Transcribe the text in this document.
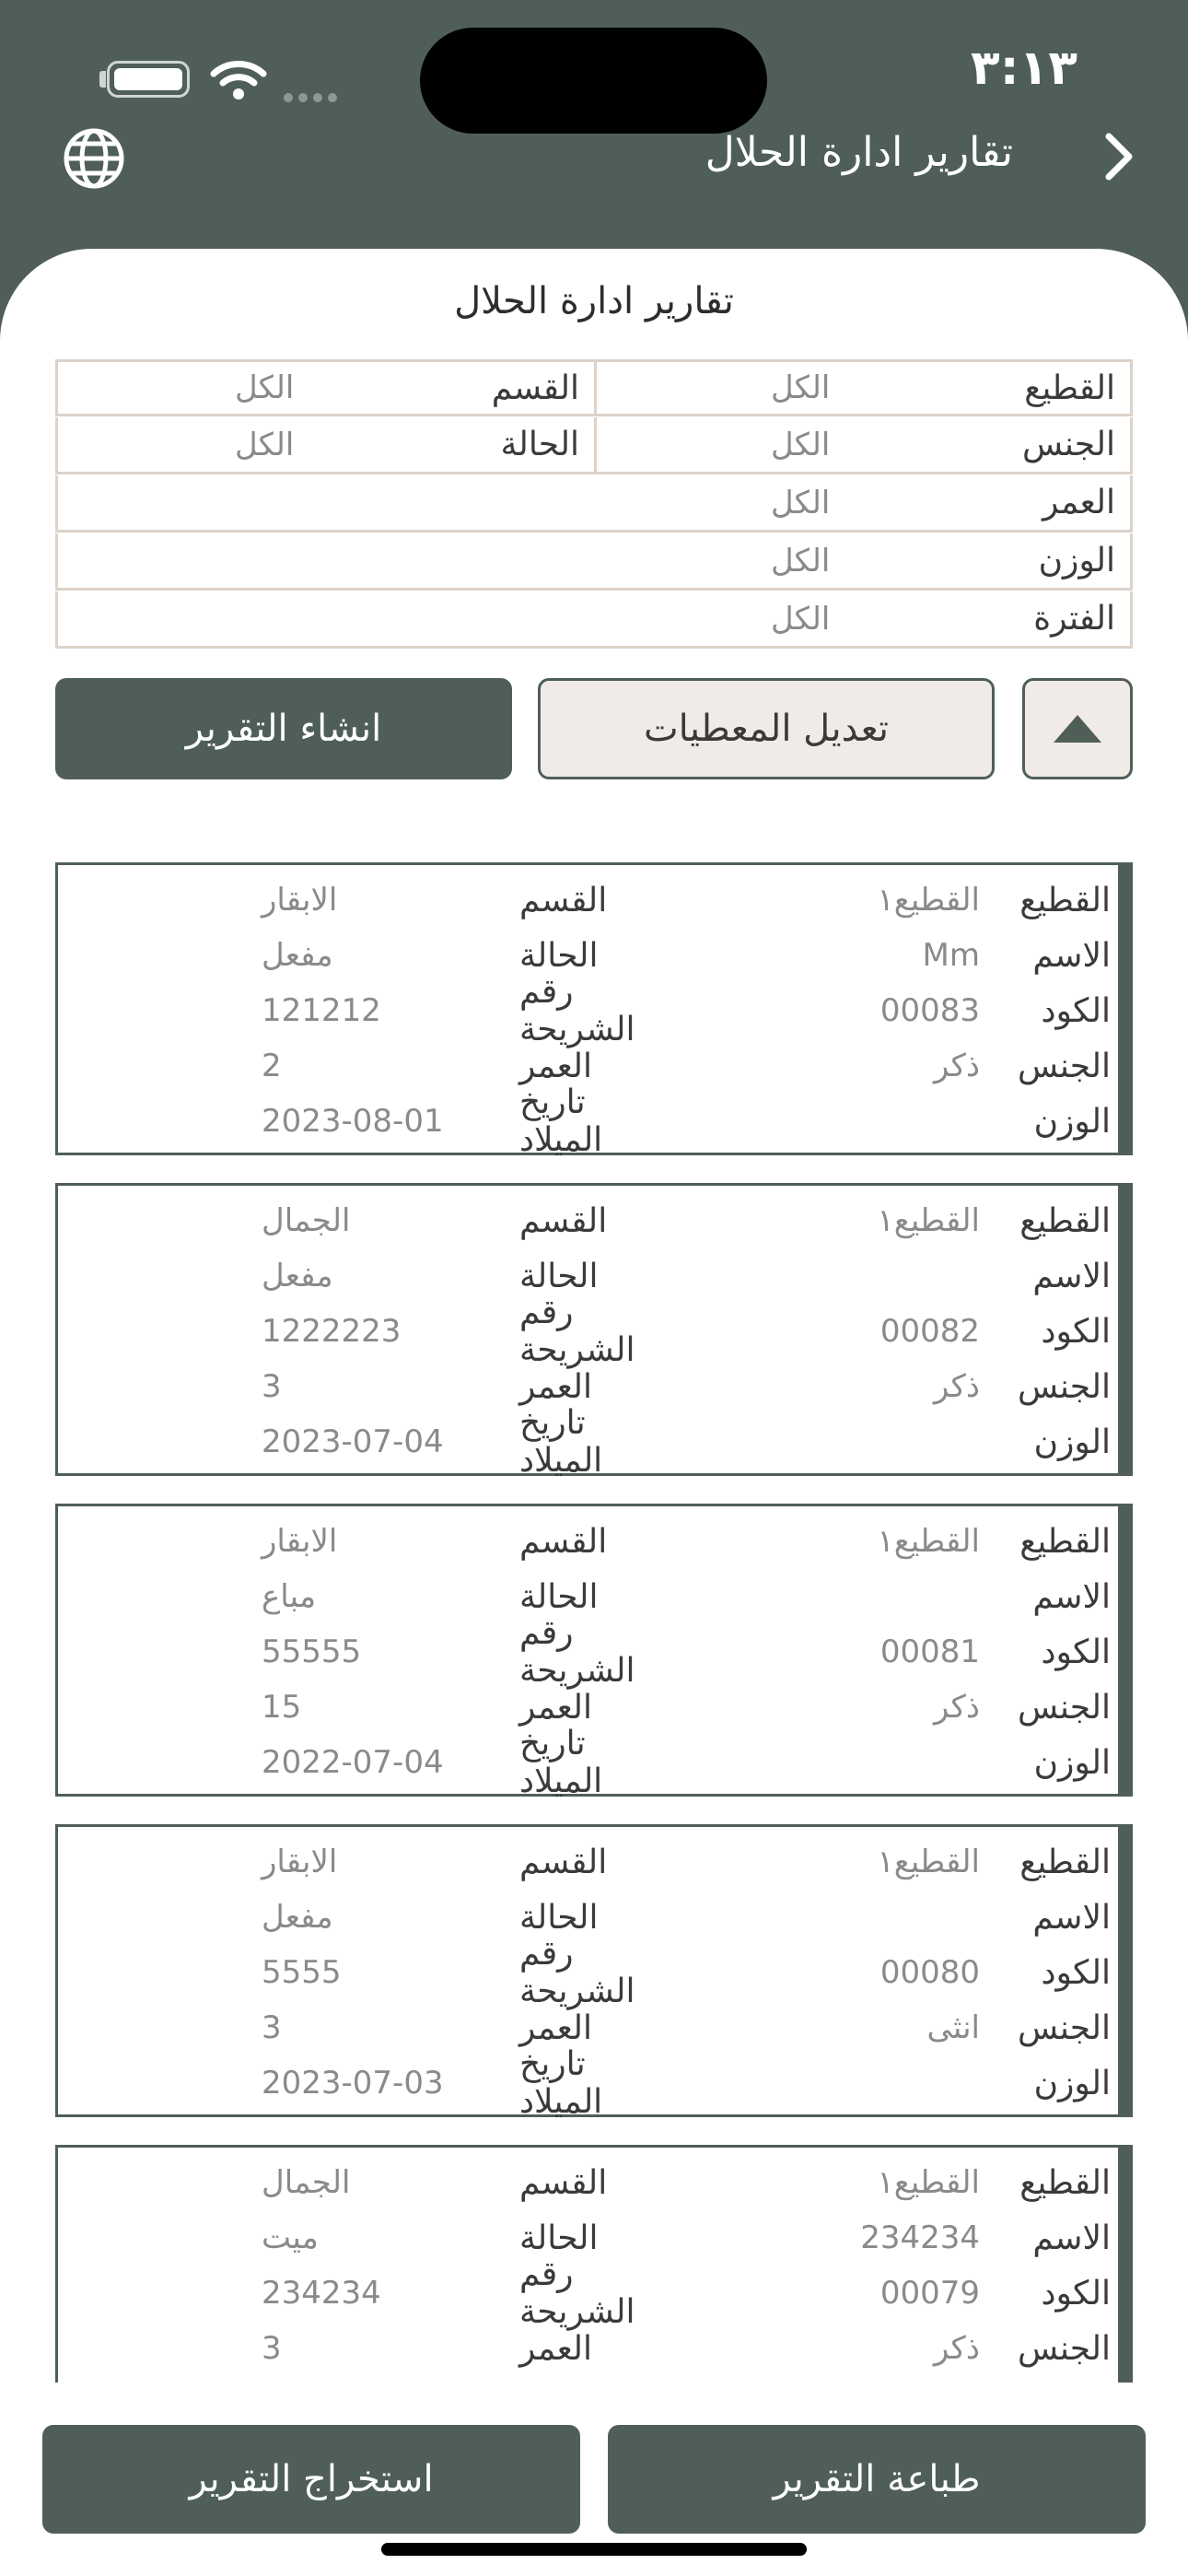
٣:١٣
تقارير ادارة الحلال
تقارير ادارة الحلال
القطيع
الكل
القسم
الكل
الجنس
الكل
الحالة
الكل
العمر
الكل
الوزن
الكل
الفترة
الكل
تعديل المعطيات
انشاء التقرير
القطيع
القطيع١
القسم
الابقار
الاسم
Mm
الحالة
مفعل
الكود
00083
رقم الشريحة
121212
الجنس
ذكر
العمر
2
الوزن
تاريخ الميلاد
2023-08-01
القطيع
القطيع١
القسم
الجمال
الاسم
الحالة
مفعل
الكود
00082
رقم الشريحة
1222223
الجنس
ذكر
العمر
3
الوزن
تاريخ الميلاد
2023-07-04
القطيع
القطيع١
القسم
الابقار
الاسم
الحالة
مباع
الكود
00081
رقم الشريحة
55555
الجنس
ذكر
العمر
15
الوزن
تاريخ الميلاد
2022-07-04
القطيع
القطيع١
القسم
الابقار
الاسم
الحالة
مفعل
الكود
00080
رقم الشريحة
5555
الجنس
انثى
العمر
3
الوزن
تاريخ الميلاد
2023-07-03
القطيع
القطيع١
القسم
الجمال
الاسم
234234
الحالة
ميت
الكود
00079
رقم الشريحة
234234
الجنس
ذكر
العمر
3
استخراج التقرير	طباعة التقرير
